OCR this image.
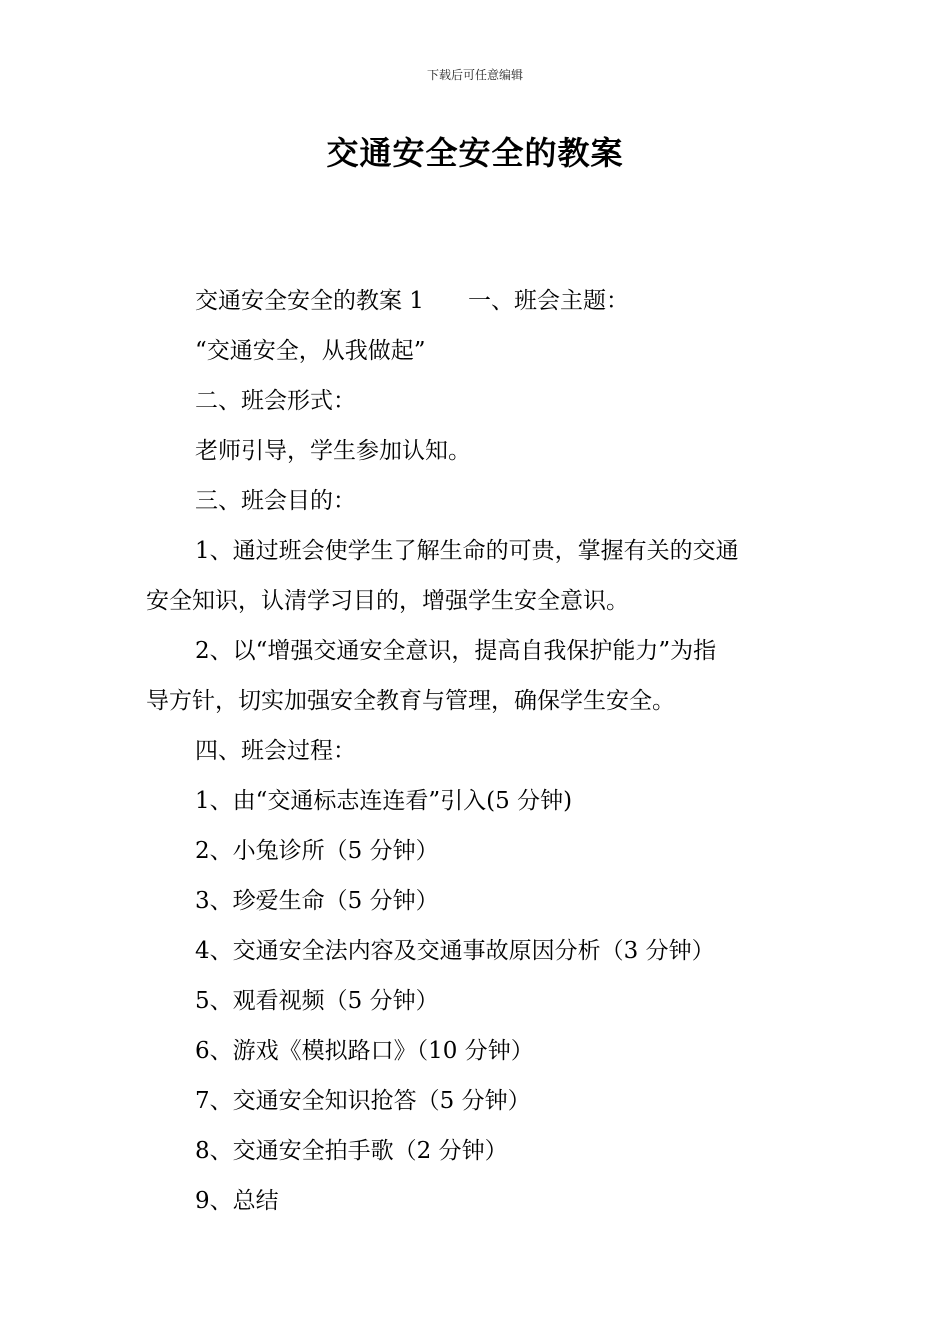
下载后可任意编辑
交通安全安全的教案
交通安全安全的教案 1 一、班会主题：
“交通安全，从我做起”
二、班会形式：
老师引导，学生参加认知。
三、班会目的：
1、通过班会使学生了解生命的可贵，掌握有关的交通
安全知识，认清学习目的，增强学生安全意识。
2、以“增强交通安全意识，提高自我保护能力”为指
导方针，切实加强安全教育与管理，确保学生安全。
四、班会过程：
1、由“交通标志连连看”引入(5 分钟)
2、小兔诊所（5 分钟）
3、珍爱生命（5 分钟）
4、交通安全法内容及交通事故原因分析（3 分钟）
5、观看视频（5 分钟）
6、游戏《模拟路口》（10 分钟）
7、交通安全知识抢答（5 分钟）
8、交通安全拍手歌（2 分钟）
9、总结
